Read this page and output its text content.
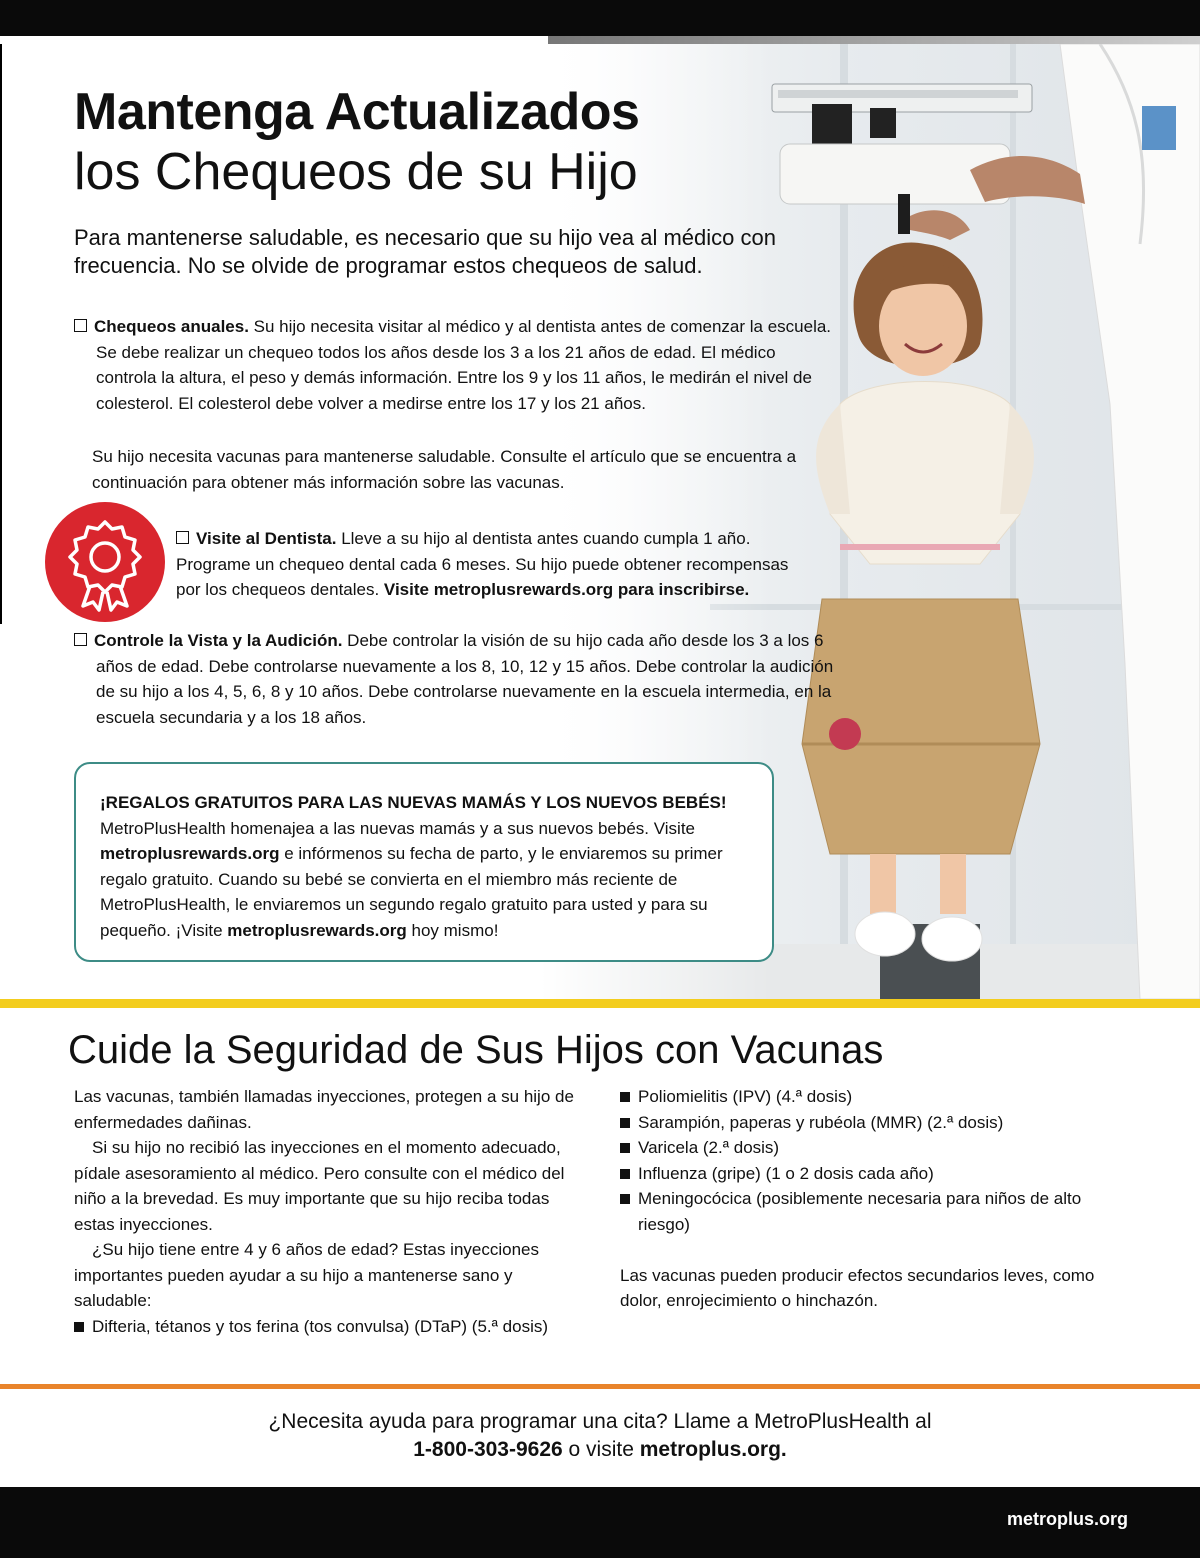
Mantenga Actualizados
los Chequeos de su Hijo
Para mantenerse saludable, es necesario que su hijo vea al médico con frecuencia. No se olvide de programar estos chequeos de salud.
Chequeos anuales. Su hijo necesita visitar al médico y al dentista antes de comenzar la escuela. Se debe realizar un chequeo todos los años desde los 3 a los 21 años de edad. El médico controla la altura, el peso y demás información. Entre los 9 y los 11 años, le medirán el nivel de colesterol. El colesterol debe volver a medirse entre los 17 y los 21 años.
Su hijo necesita vacunas para mantenerse saludable. Consulte el artículo que se encuentra a continuación para obtener más información sobre las vacunas.
Visite al Dentista. Lleve a su hijo al dentista antes cuando cumpla 1 año. Programe un chequeo dental cada 6 meses. Su hijo puede obtener recompensas por los chequeos dentales. Visite metroplusrewards.org para inscribirse.
Controle la Vista y la Audición. Debe controlar la visión de su hijo cada año desde los 3 a los 6 años de edad. Debe controlarse nuevamente a los 8, 10, 12 y 15 años. Debe controlar la audición de su hijo a los 4, 5, 6, 8 y 10 años. Debe controlarse nuevamente en la escuela intermedia, en la escuela secundaria y a los 18 años.
¡REGALOS GRATUITOS PARA LAS NUEVAS MAMÁS Y LOS NUEVOS BEBÉS!
MetroPlusHealth homenajea a las nuevas mamás y a sus nuevos bebés. Visite metroplusrewards.org e infórmenos su fecha de parto, y le enviaremos su primer regalo gratuito. Cuando su bebé se convierta en el miembro más reciente de MetroPlusHealth, le enviaremos un segundo regalo gratuito para usted y para su pequeño. ¡Visite metroplusrewards.org hoy mismo!
Cuide la Seguridad de Sus Hijos con Vacunas
Las vacunas, también llamadas inyecciones, protegen a su hijo de enfermedades dañinas.
Si su hijo no recibió las inyecciones en el momento adecuado, pídale asesoramiento al médico. Pero consulte con el médico del niño a la brevedad. Es muy importante que su hijo reciba todas estas inyecciones.
¿Su hijo tiene entre 4 y 6 años de edad? Estas inyecciones importantes pueden ayudar a su hijo a mantenerse sano y saludable:
Difteria, tétanos y tos ferina (tos convulsa) (DTaP) (5.ª dosis)
Poliomielitis (IPV) (4.ª dosis)
Sarampión, paperas y rubéola (MMR) (2.ª dosis)
Varicela (2.ª dosis)
Influenza (gripe) (1 o 2 dosis cada año)
Meningocócica (posiblemente necesaria para niños de alto riesgo)
Las vacunas pueden producir efectos secundarios leves, como dolor, enrojecimiento o hinchazón.
¿Necesita ayuda para programar una cita? Llame a MetroPlusHealth al
1-800-303-9626 o visite metroplus.org.
metroplus.org
